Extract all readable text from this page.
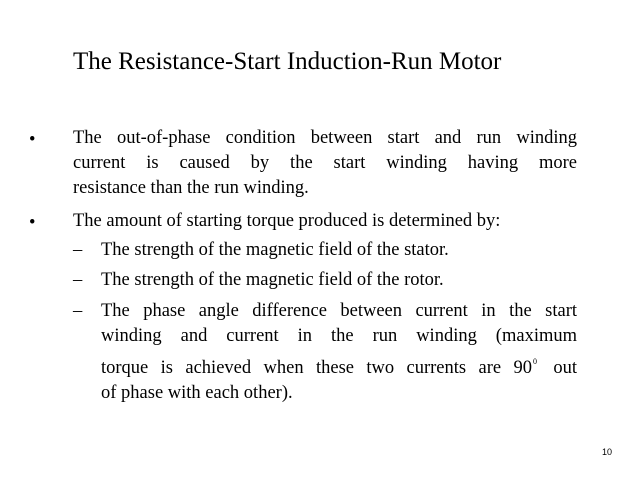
The Resistance-Start Induction-Run Motor
• The out-of-phase condition between start and run winding
current is caused by the start winding having more
resistance than the run winding.
• The amount of starting torque produced is determined by:
– The strength of the magnetic field of the stator.
– The strength of the magnetic field of the rotor.
– The phase angle difference between current in the start
winding and current in the run winding (maximum
torque is achieved when these two currents are $90^0$ out
of phase with each other).
10
